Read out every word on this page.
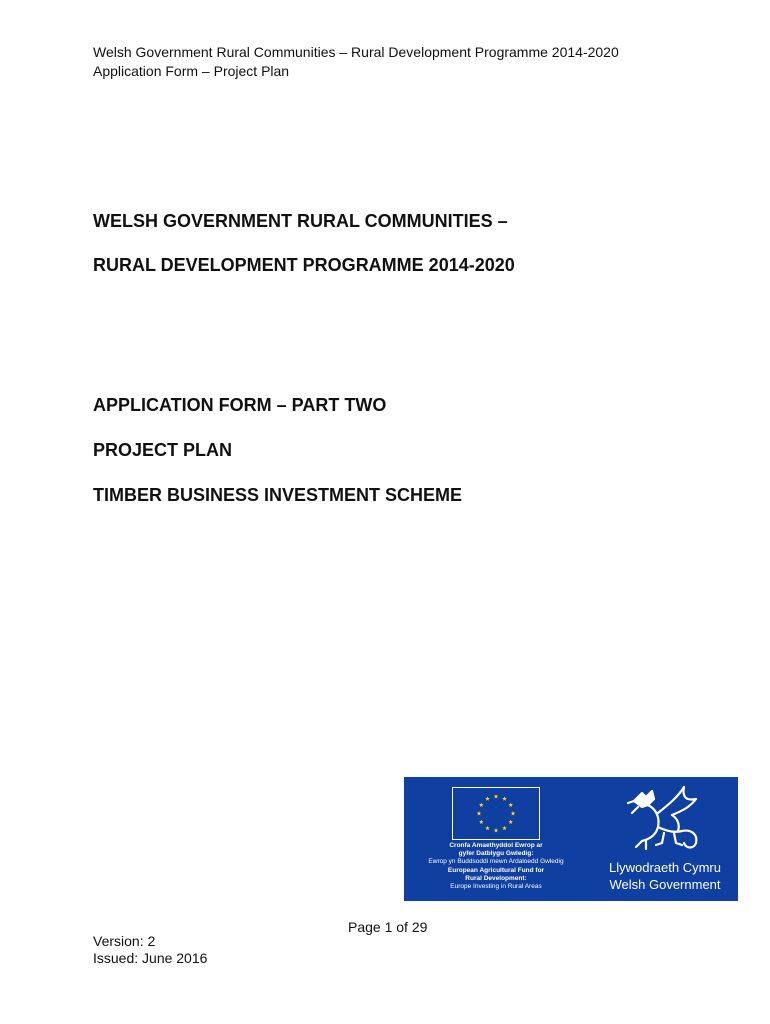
Welsh Government Rural Communities – Rural Development Programme 2014-2020
Application Form – Project Plan
WELSH GOVERNMENT RURAL COMMUNITIES –
RURAL DEVELOPMENT PROGRAMME 2014-2020
APPLICATION FORM – PART TWO
PROJECT PLAN
TIMBER BUSINESS INVESTMENT SCHEME
Cronfa Amaethyddol Ewrop ar
gyfer Datblygu Gwledig:
Ewrop yn Buddsoddi mewn Ardaloedd Gwledig
European Agricultural Fund for
Rural Development:
Europe Investing in Rural Areas
Llywodraeth Cymru
Welsh Government
Page 1 of 29
Version: 2
Issued: June 2016
